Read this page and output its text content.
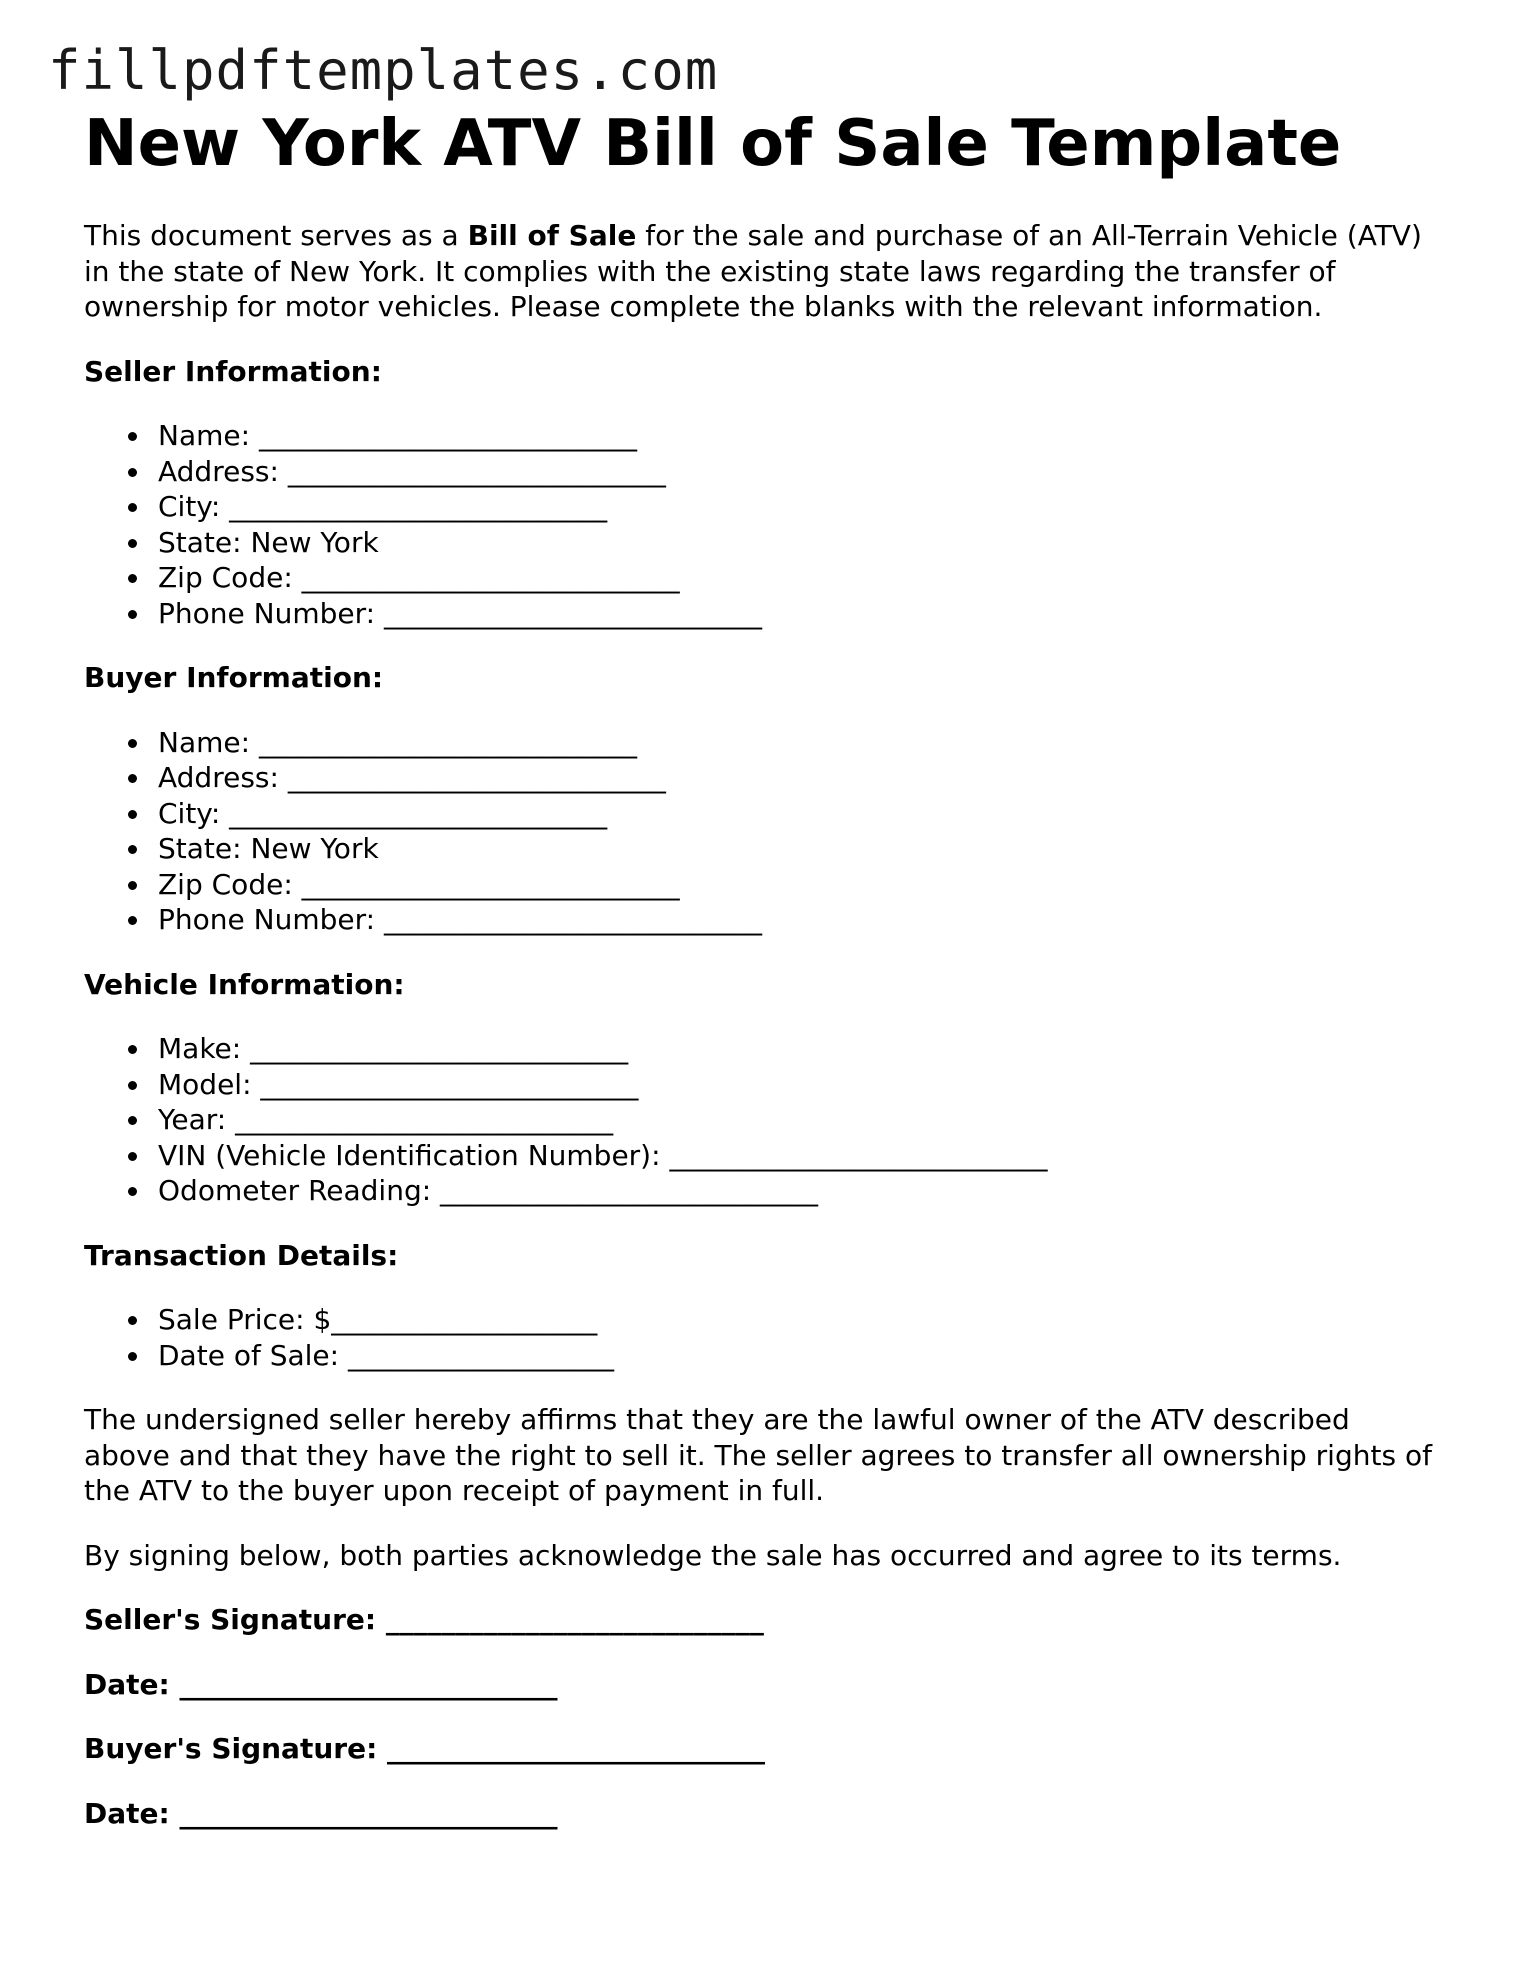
fillpdftemplates.com
New York ATV Bill of Sale Template

This document serves as a Bill of Sale for the sale and purchase of an All-Terrain Vehicle (ATV) in the state of New York. It complies with the existing state laws regarding the transfer of ownership for motor vehicles. Please complete the blanks with the relevant information.

Seller Information:
Name: ___________________________
Address: ___________________________
City: ___________________________
State: New York
Zip Code: ___________________________
Phone Number: ___________________________
Buyer Information:
Name: ___________________________
Address: ___________________________
City: ___________________________
State: New York
Zip Code: ___________________________
Phone Number: ___________________________
Vehicle Information:
Make: ___________________________
Model: ___________________________
Year: ___________________________
VIN (Vehicle Identification Number): ___________________________
Odometer Reading: ___________________________
Transaction Details:
Sale Price: $___________________
Date of Sale: ___________________

The undersigned seller hereby affirms that they are the lawful owner of the ATV described above and that they have the right to sell it. The seller agrees to transfer all ownership rights of the ATV to the buyer upon receipt of payment in full.

By signing below, both parties acknowledge the sale has occurred and agree to its terms.

Seller's Signature: ___________________________
Date: ___________________________
Buyer's Signature: ___________________________
Date: ___________________________
